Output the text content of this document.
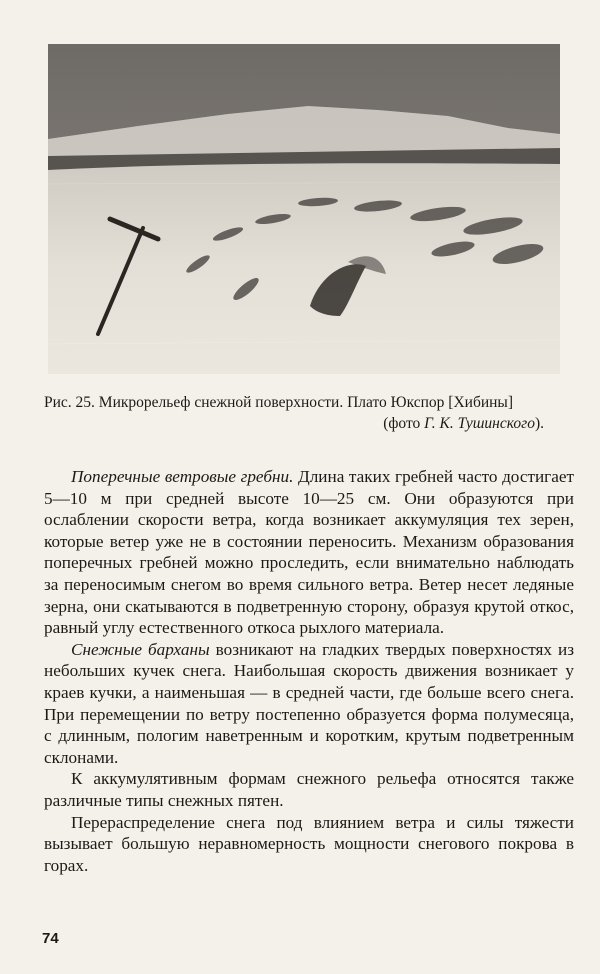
Рис. 25. Микрорельеф снежной поверхности. Плато Юкспор [Хибины]
(фото Г. К. Тушинского).

Поперечные ветровые гребни. Длина таких гребней часто достигает 5—10 м при средней высоте 10—25 см. Они образуются при ослаблении скорости ветра, когда возникает аккумуляция тех зерен, которые ветер уже не в состоянии переносить. Механизм образования поперечных гребней можно проследить, если внимательно наблюдать за переносимым снегом во время сильного ветра. Ветер несет ледяные зерна, они скатываются в подветренную сторону, образуя крутой откос, равный углу естественного откоса рыхлого материала.

Снежные барханы возникают на гладких твердых поверхностях из небольших кучек снега. Наибольшая скорость движения возникает у краев кучки, а наименьшая — в средней части, где больше всего снега. При перемещении по ветру постепенно образуется форма полумесяца, с длинным, пологим наветренным и коротким, крутым подветренным склонами.

К аккумулятивным формам снежного рельефа относятся также различные типы снежных пятен.

Перераспределение снега под влиянием ветра и силы тяжести вызывает большую неравномерность мощности снегового покрова в горах.

74
